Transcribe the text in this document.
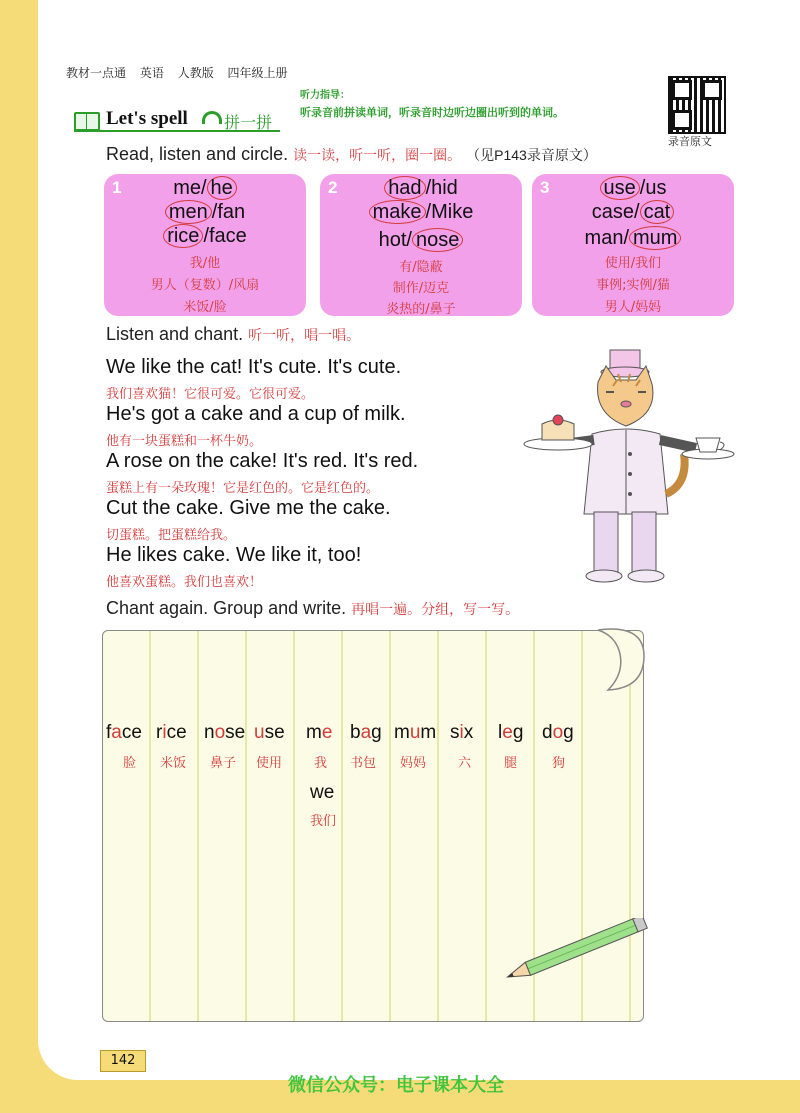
教材一点通 英语 人教版 四年级上册
听力指导：
听录音前拼读单词，听录音时边听边圈出听到的单词。
录音原文
Let's spell 拼一拼
Read, listen and circle. 读一读，听一听，圈一圈。 （见P143录音原文）
1	me/ he
men /fan
rice /face
我/他
男人（复数）/风扇
米饭/脸
2	had /hid
make /Mike
hot/ nose
有/隐蔽
制作/迈克
炎热的/鼻子
3	use /us
case/ cat
man/ mum
使用/我们
事例;实例/猫
男人/妈妈
Listen and chant. 听一听，唱一唱。
We like the cat! It's cute. It's cute.
我们喜欢猫！它很可爱。它很可爱。
He's got a cake and a cup of milk.
他有一块蛋糕和一杯牛奶。
A rose on the cake! It's red. It's red.
蛋糕上有一朵玫瑰！它是红色的。它是红色的。
Cut the cake. Give me the cake.
切蛋糕。把蛋糕给我。
He likes cake. We like it, too!
他喜欢蛋糕。我们也喜欢！
Chant again. Group and write. 再唱一遍。分组，写一写。
face
脸
rice
米饭
nose
鼻子
use
使用
me
我
bag
书包
mum
妈妈
six
六
leg
腿
dog
狗
we
我们
142
微信公众号：电子课本大全
